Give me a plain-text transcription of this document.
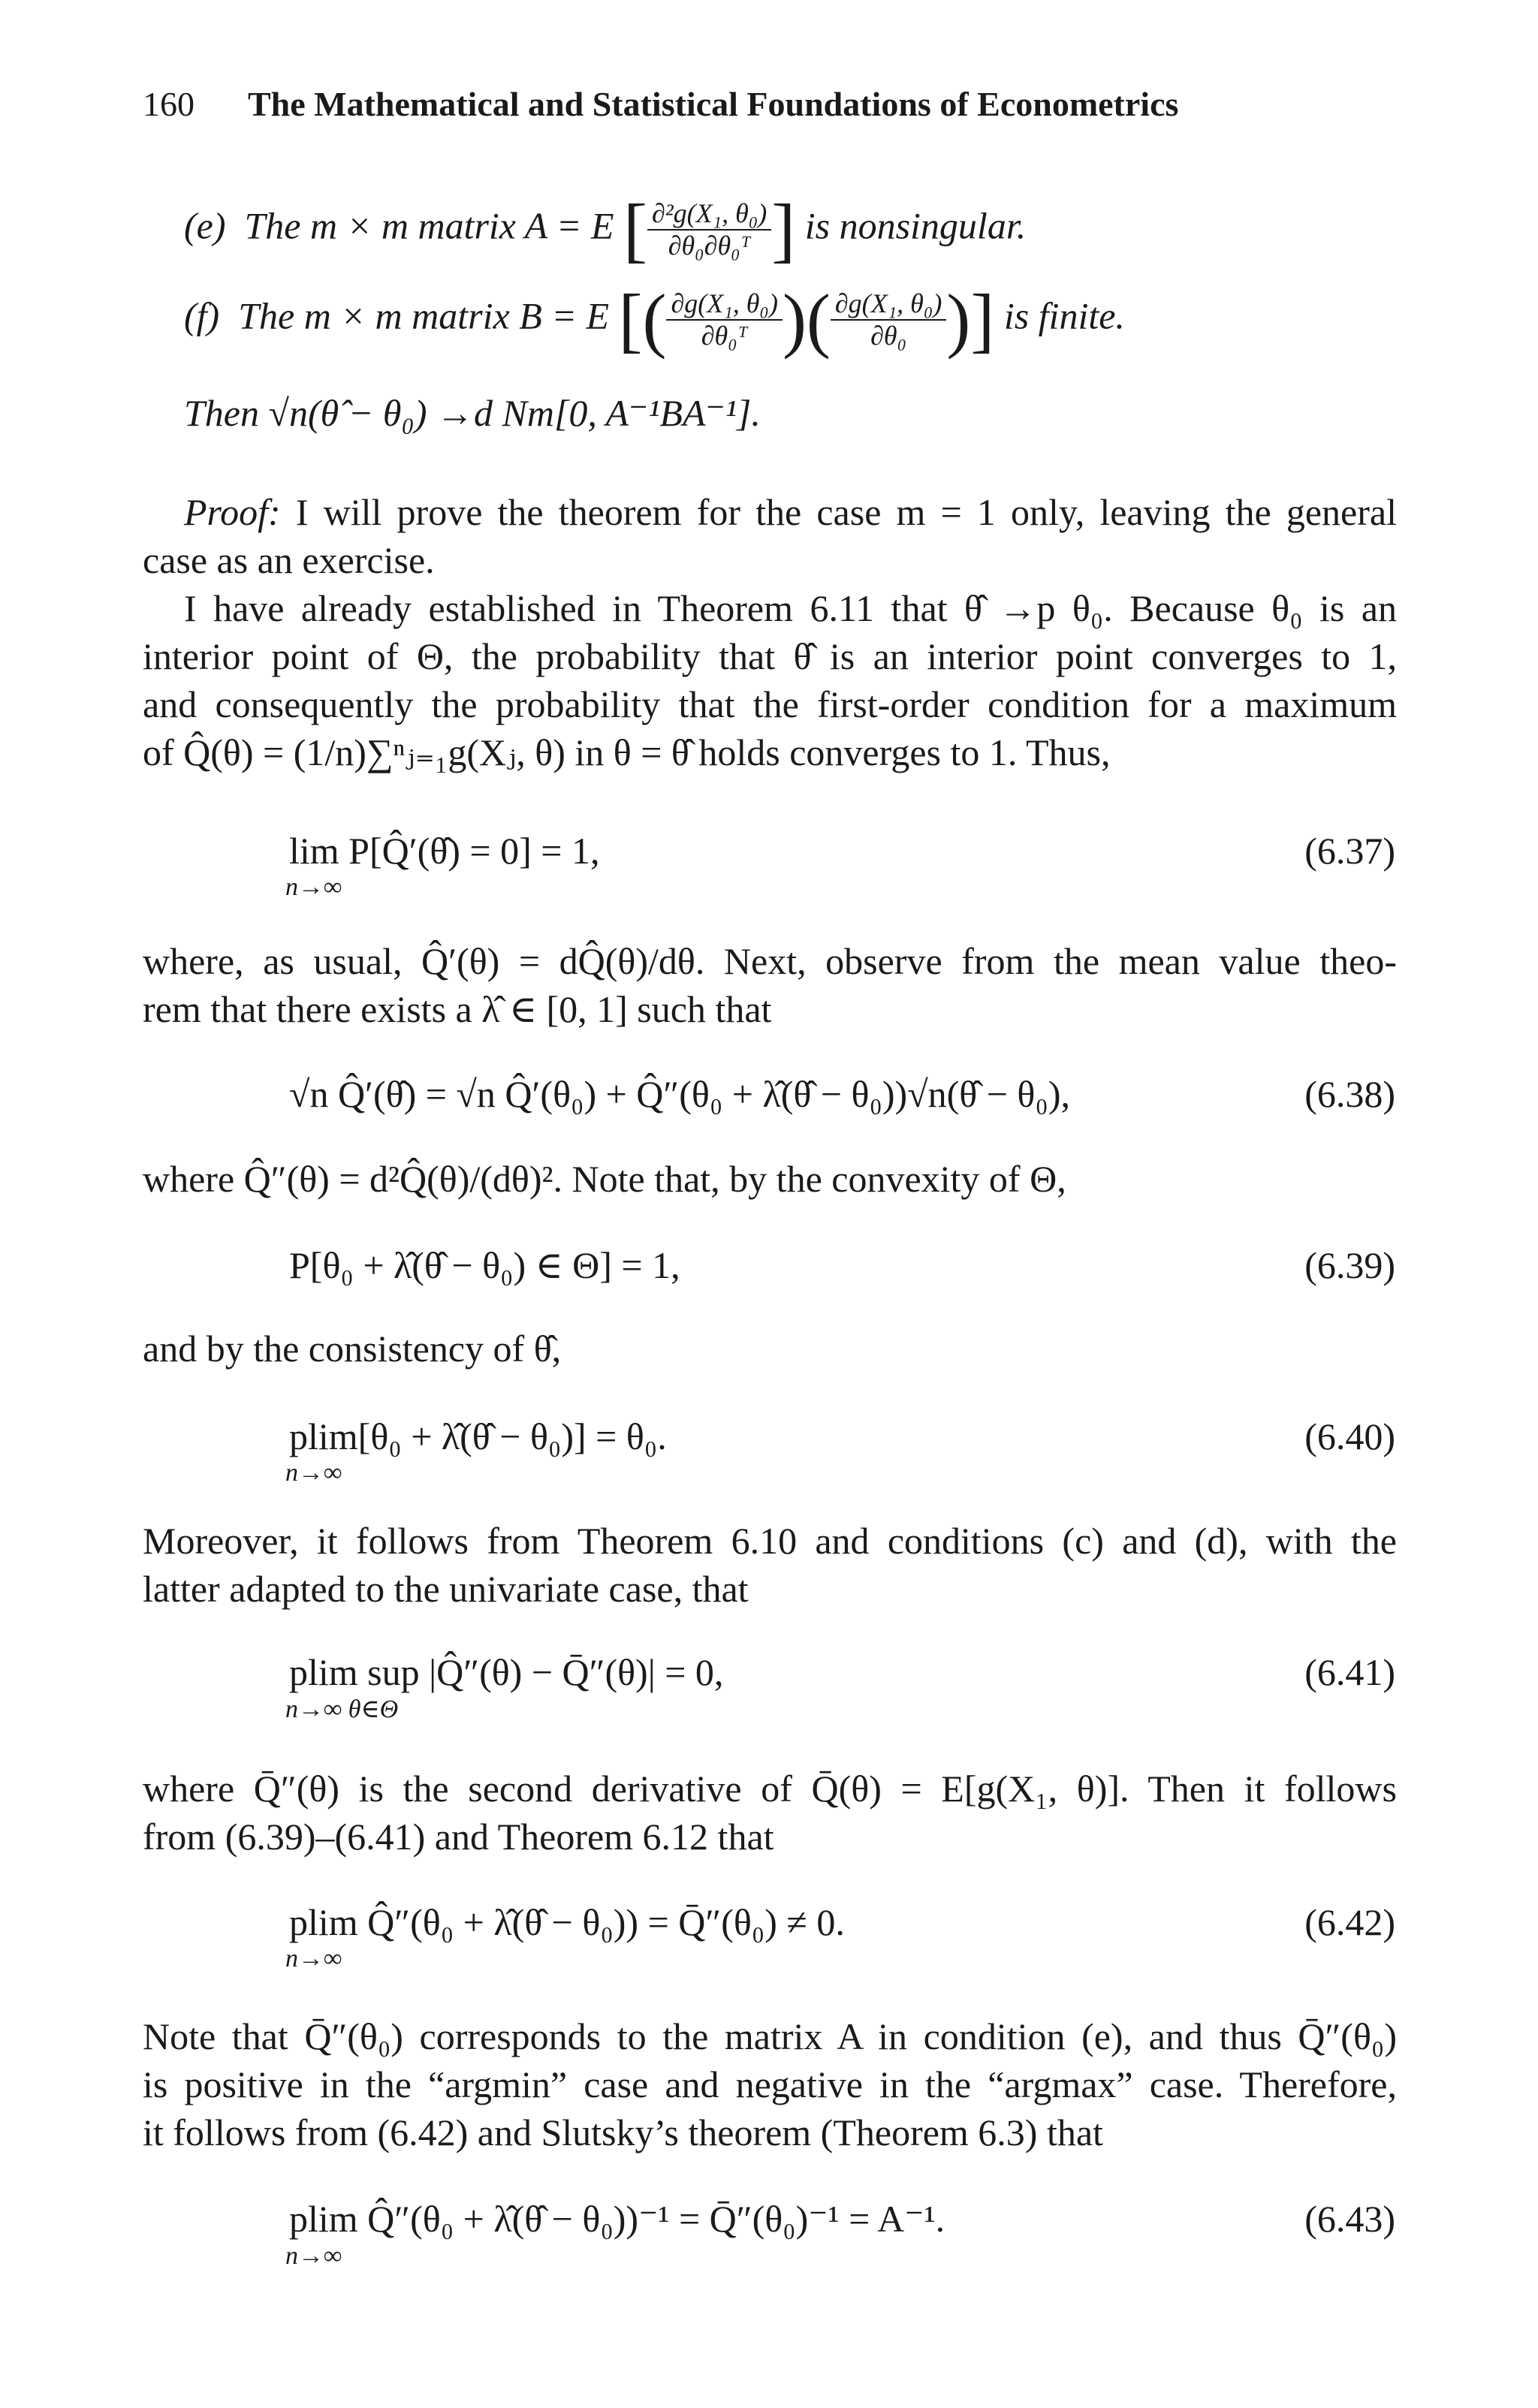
160 The Mathematical and Statistical Foundations of Econometrics
(e) The m × m matrix A = E [ $\frac{\text{∂²g(X₁, θ₀)}}{\text{∂θ₀∂θ₀ᵀ}}$ ] is nonsingular.
(f) The m × m matrix B = E [( $\frac{\text{∂g(X₁, θ₀)}}{\text{∂θ₀ᵀ}}$ )( $\frac{\text{∂g(X₁, θ₀)}}{\text{∂θ₀}}$ )] is finite.
Then √n(θ̂ − θ₀) →d Nm[0, A⁻¹BA⁻¹].
Proof: I will prove the theorem for the case m = 1 only, leaving the general
case as an exercise.
I have already established in Theorem 6.11 that θ̂ →p θ₀. Because θ₀ is an
interior point of Θ, the probability that θ̂ is an interior point converges to 1,
and consequently the probability that the first-order condition for a maximum
of Q̂(θ) = (1/n)∑ⁿⱼ₌₁g(Xⱼ, θ) in θ = θ̂ holds converges to 1. Thus,
lim P[Q̂′(θ̂) = 0] = 1,
n→∞
(6.37)
where, as usual, Q̂′(θ) = dQ̂(θ)/dθ. Next, observe from the mean value theo-
rem that there exists a λ̂ ∈ [0, 1] such that
√n Q̂′(θ̂) = √n Q̂′(θ₀) + Q̂″(θ₀ + λ̂(θ̂ − θ₀))√n(θ̂ − θ₀),	(6.38)
where Q̂″(θ) = d²Q̂(θ)/(dθ)². Note that, by the convexity of Θ,
P[θ₀ + λ̂(θ̂ − θ₀) ∈ Θ] = 1,	(6.39)
and by the consistency of θ̂,
plim[θ₀ + λ̂(θ̂ − θ₀)] = θ₀.
n→∞
(6.40)
Moreover, it follows from Theorem 6.10 and conditions (c) and (d), with the
latter adapted to the univariate case, that
plim sup |Q̂″(θ) − Q̄″(θ)| = 0,
n→∞ θ∈Θ
(6.41)
where Q̄″(θ) is the second derivative of Q̄(θ) = E[g(X₁, θ)]. Then it follows
from (6.39)–(6.41) and Theorem 6.12 that
plim Q̂″(θ₀ + λ̂(θ̂ − θ₀)) = Q̄″(θ₀) ≠ 0.
n→∞
(6.42)
Note that Q̄″(θ₀) corresponds to the matrix A in condition (e), and thus Q̄″(θ₀)
is positive in the “argmin” case and negative in the “argmax” case. Therefore,
it follows from (6.42) and Slutsky’s theorem (Theorem 6.3) that
plim Q̂″(θ₀ + λ̂(θ̂ − θ₀))⁻¹ = Q̄″(θ₀)⁻¹ = A⁻¹.
n→∞
(6.43)
